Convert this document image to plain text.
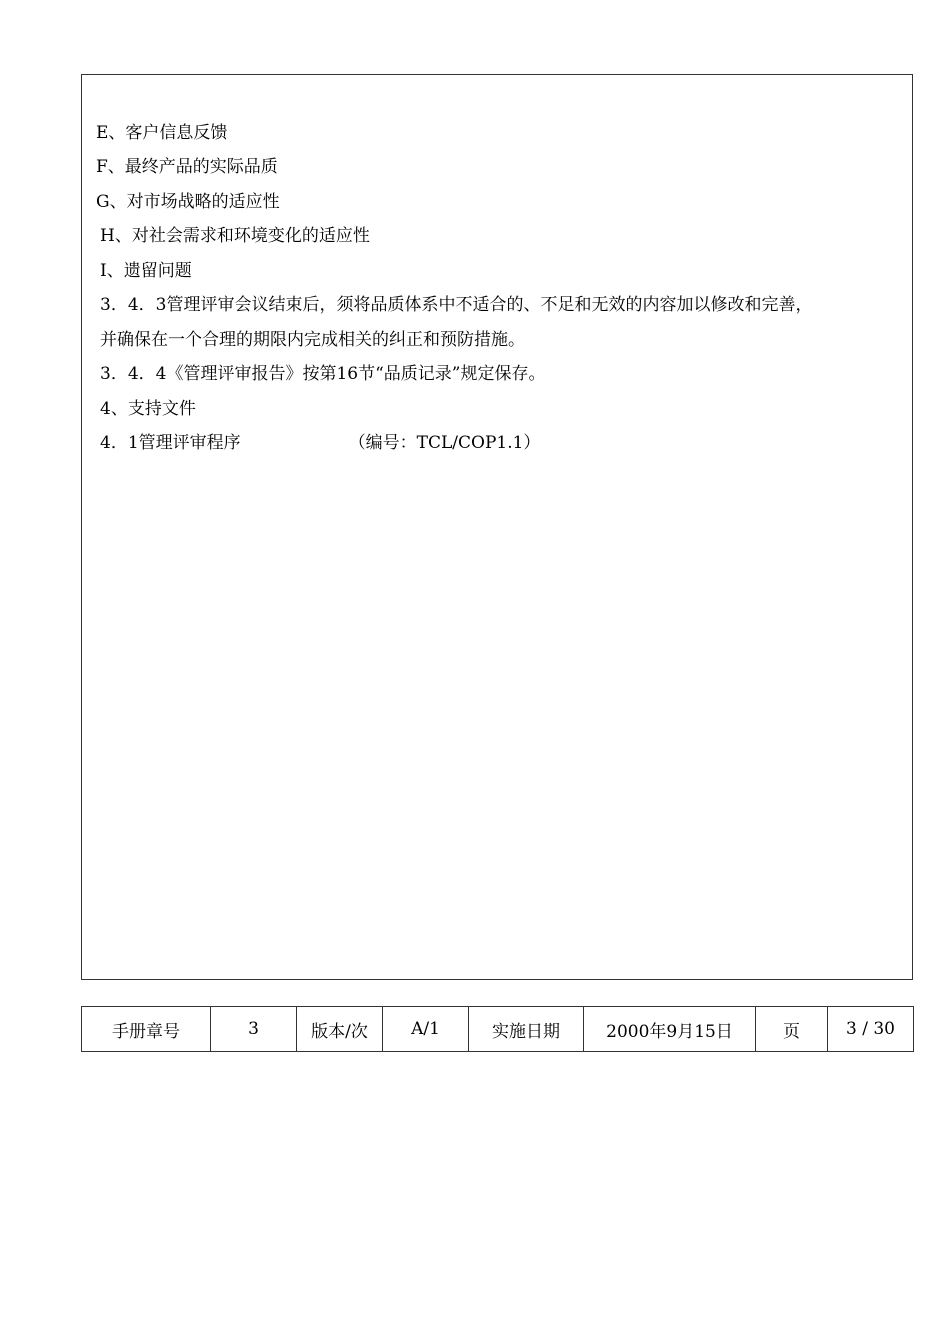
E、客户信息反馈
F、最终产品的实际品质
G、对市场战略的适应性
H、对社会需求和环境变化的适应性
I、遗留问题
3．4．3管理评审会议结束后，须将品质体系中不适合的、不足和无效的内容加以修改和完善，
并确保在一个合理的期限内完成相关的纠正和预防措施。
3．4．4《管理评审报告》按第16节“品质记录”规定保存。
4、支持文件
4．1管理评审程序	（编号：TCL/COP1.1）
手册章号	3	版本/次	A/1	实施日期	2000年9月15日	页	3 / 30
